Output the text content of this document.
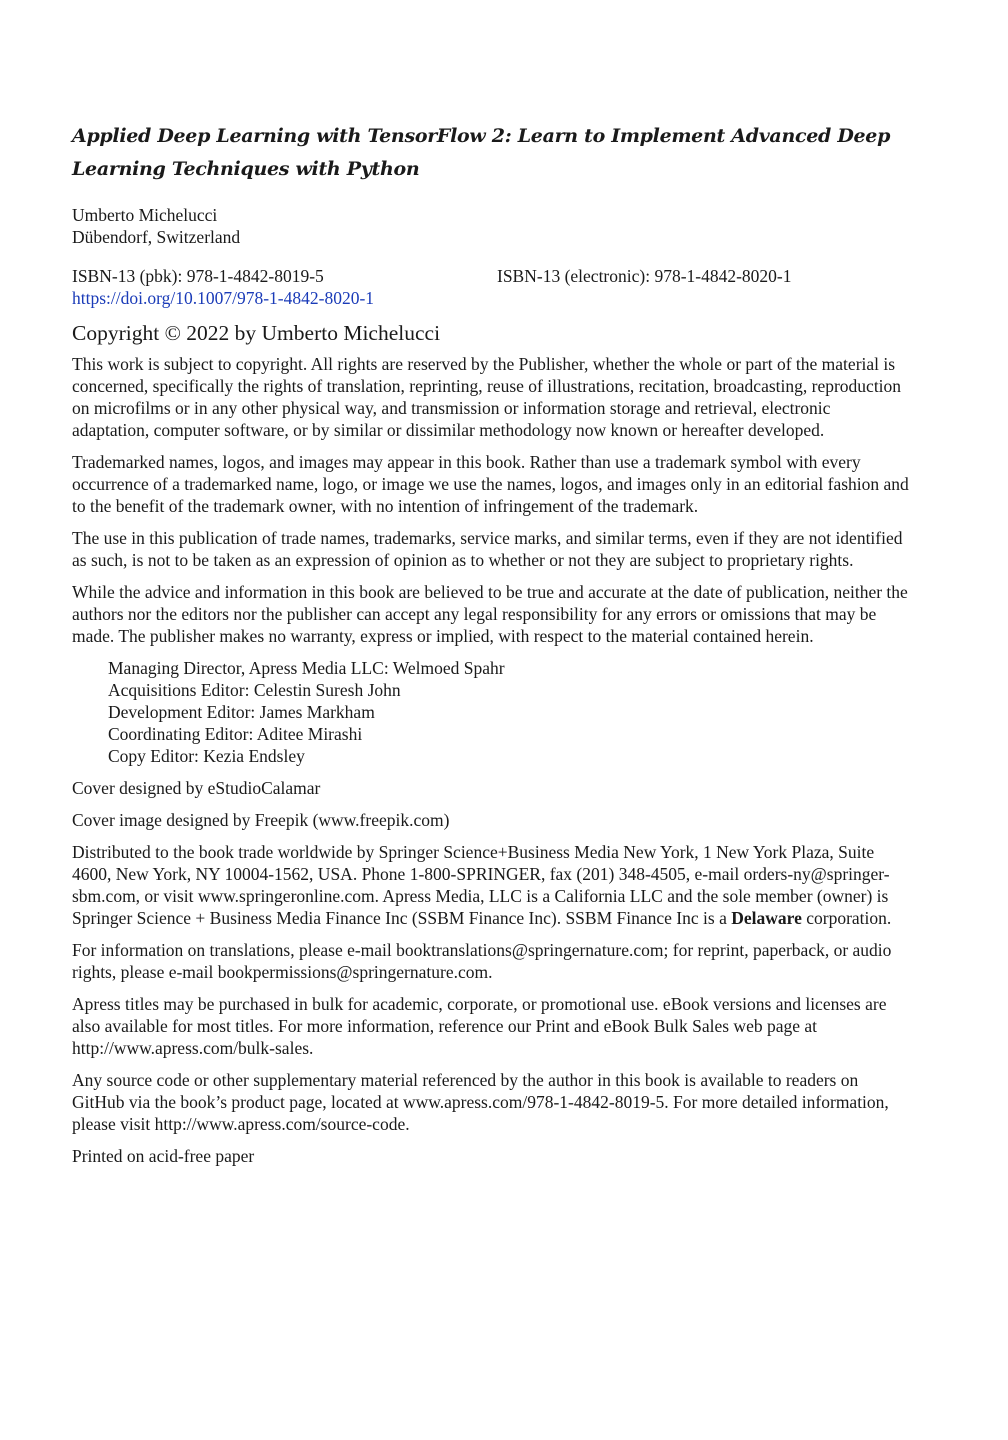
Applied Deep Learning with TensorFlow 2: Learn to Implement Advanced Deep Learning Techniques with Python
Umberto Michelucci
Dübendorf, Switzerland
ISBN-13 (pbk): 978-1-4842-8019-5	ISBN-13 (electronic): 978-1-4842-8020-1
https://doi.org/10.1007/978-1-4842-8020-1
Copyright © 2022 by Umberto Michelucci

This work is subject to copyright. All rights are reserved by the Publisher, whether the whole or part of the material is concerned, specifically the rights of translation, reprinting, reuse of illustrations, recitation, broadcasting, reproduction on microfilms or in any other physical way, and transmission or information storage and retrieval, electronic adaptation, computer software, or by similar or dissimilar methodology now known or hereafter developed.

Trademarked names, logos, and images may appear in this book. Rather than use a trademark symbol with every occurrence of a trademarked name, logo, or image we use the names, logos, and images only in an editorial fashion and to the benefit of the trademark owner, with no intention of infringement of the trademark.

The use in this publication of trade names, trademarks, service marks, and similar terms, even if they are not identified as such, is not to be taken as an expression of opinion as to whether or not they are subject to proprietary rights.

While the advice and information in this book are believed to be true and accurate at the date of publication, neither the authors nor the editors nor the publisher can accept any legal responsibility for any errors or omissions that may be made. The publisher makes no warranty, express or implied, with respect to the material contained herein.

Managing Director, Apress Media LLC: Welmoed Spahr
Acquisitions Editor: Celestin Suresh John
Development Editor: James Markham
Coordinating Editor: Aditee Mirashi
Copy Editor: Kezia Endsley

Cover designed by eStudioCalamar

Cover image designed by Freepik (www.freepik.com)

Distributed to the book trade worldwide by Springer Science+Business Media New York, 1 New York Plaza, Suite 4600, New York, NY 10004-1562, USA. Phone 1-800-SPRINGER, fax (201) 348-4505, e-mail orders-ny@springer-sbm.com, or visit www.springeronline.com. Apress Media, LLC is a California LLC and the sole member (owner) is Springer Science + Business Media Finance Inc (SSBM Finance Inc). SSBM Finance Inc is a Delaware corporation.

For information on translations, please e-mail booktranslations@springernature.com; for reprint, paperback, or audio rights, please e-mail bookpermissions@springernature.com.

Apress titles may be purchased in bulk for academic, corporate, or promotional use. eBook versions and licenses are also available for most titles. For more information, reference our Print and eBook Bulk Sales web page at http://www.apress.com/bulk-sales.

Any source code or other supplementary material referenced by the author in this book is available to readers on GitHub via the book’s product page, located at www.apress.com/978-1-4842-8019-5. For more detailed information, please visit http://www.apress.com/source-code.

Printed on acid-free paper
